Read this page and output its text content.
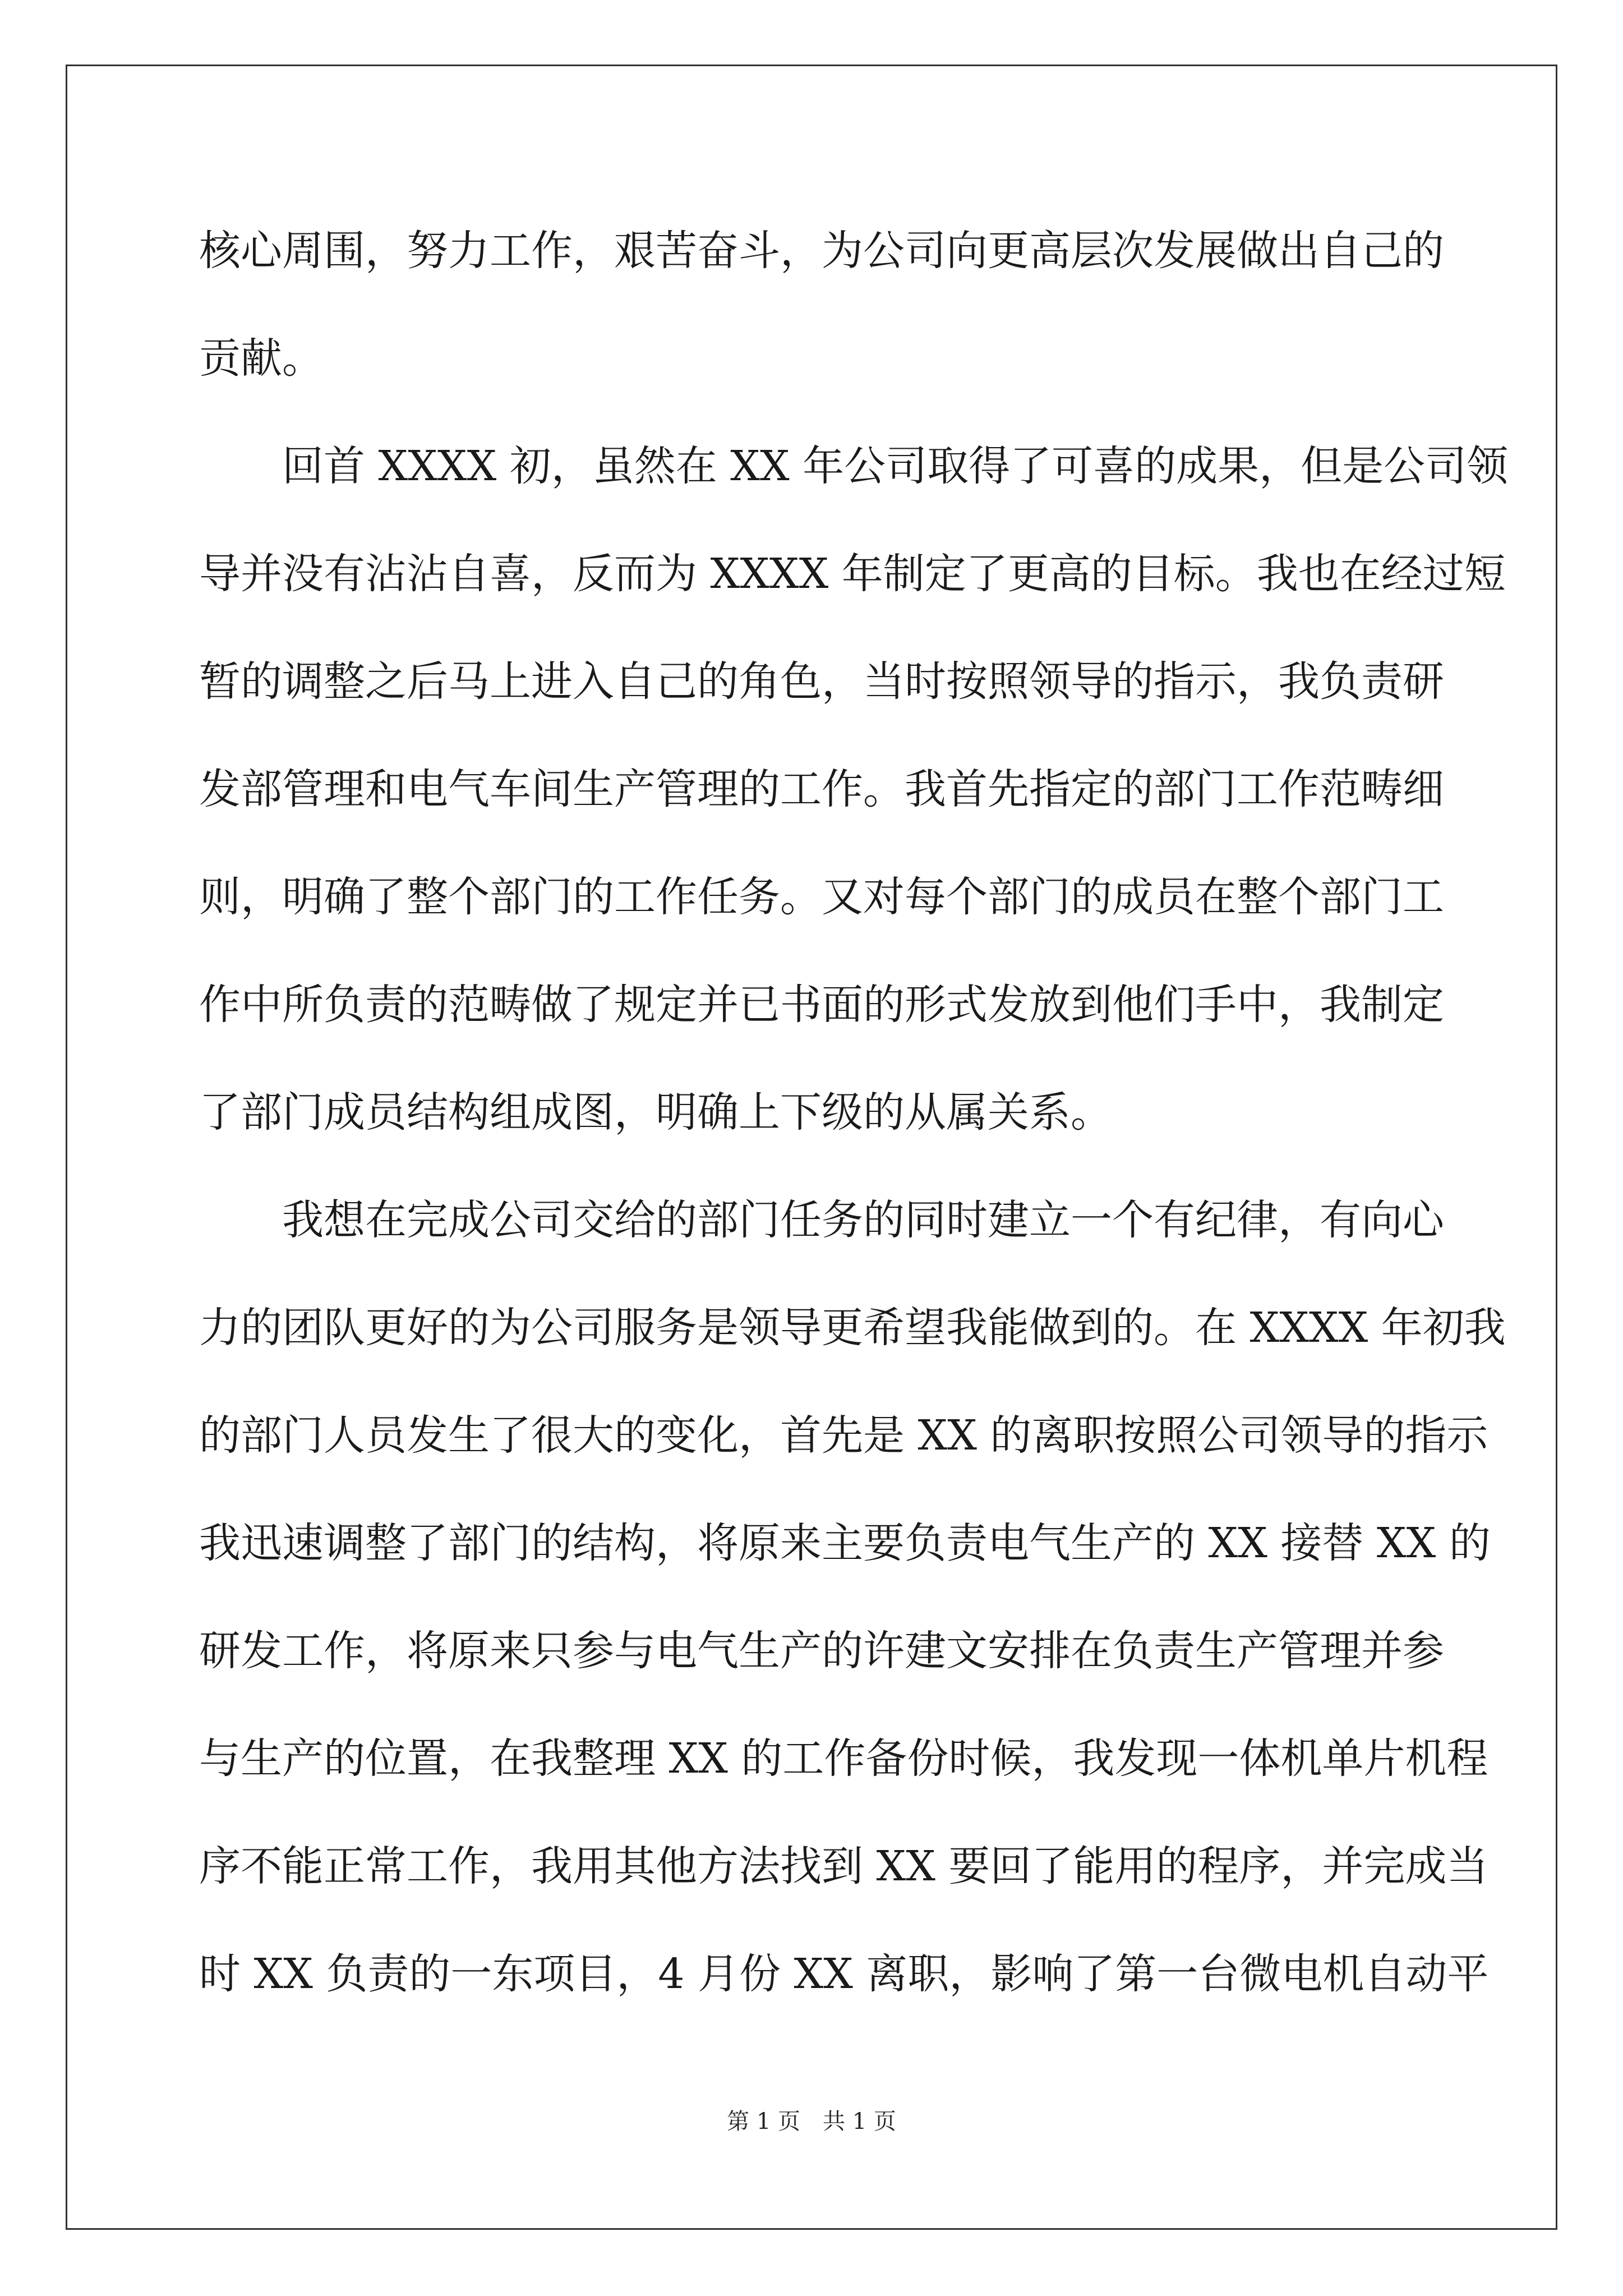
核心周围，努力工作，艰苦奋斗，为公司向更高层次发展做出自己的
贡献。
　　回首 XXXX 初，虽然在 XX 年公司取得了可喜的成果，但是公司领
导并没有沾沾自喜，反而为 XXXX 年制定了更高的目标。我也在经过短
暂的调整之后马上进入自己的角色，当时按照领导的指示，我负责研
发部管理和电气车间生产管理的工作。我首先指定的部门工作范畴细
则，明确了整个部门的工作任务。又对每个部门的成员在整个部门工
作中所负责的范畴做了规定并已书面的形式发放到他们手中，我制定
了部门成员结构组成图，明确上下级的从属关系。
　　我想在完成公司交给的部门任务的同时建立一个有纪律，有向心
力的团队更好的为公司服务是领导更希望我能做到的。在 XXXX 年初我
的部门人员发生了很大的变化，首先是 XX 的离职按照公司领导的指示
我迅速调整了部门的结构，将原来主要负责电气生产的 XX 接替 XX 的
研发工作，将原来只参与电气生产的许建文安排在负责生产管理并参
与生产的位置，在我整理 XX 的工作备份时候，我发现一体机单片机程
序不能正常工作，我用其他方法找到 XX 要回了能用的程序，并完成当
时 XX 负责的一东项目，4 月份 XX 离职，影响了第一台微电机自动平
第 1 页　共 1 页
